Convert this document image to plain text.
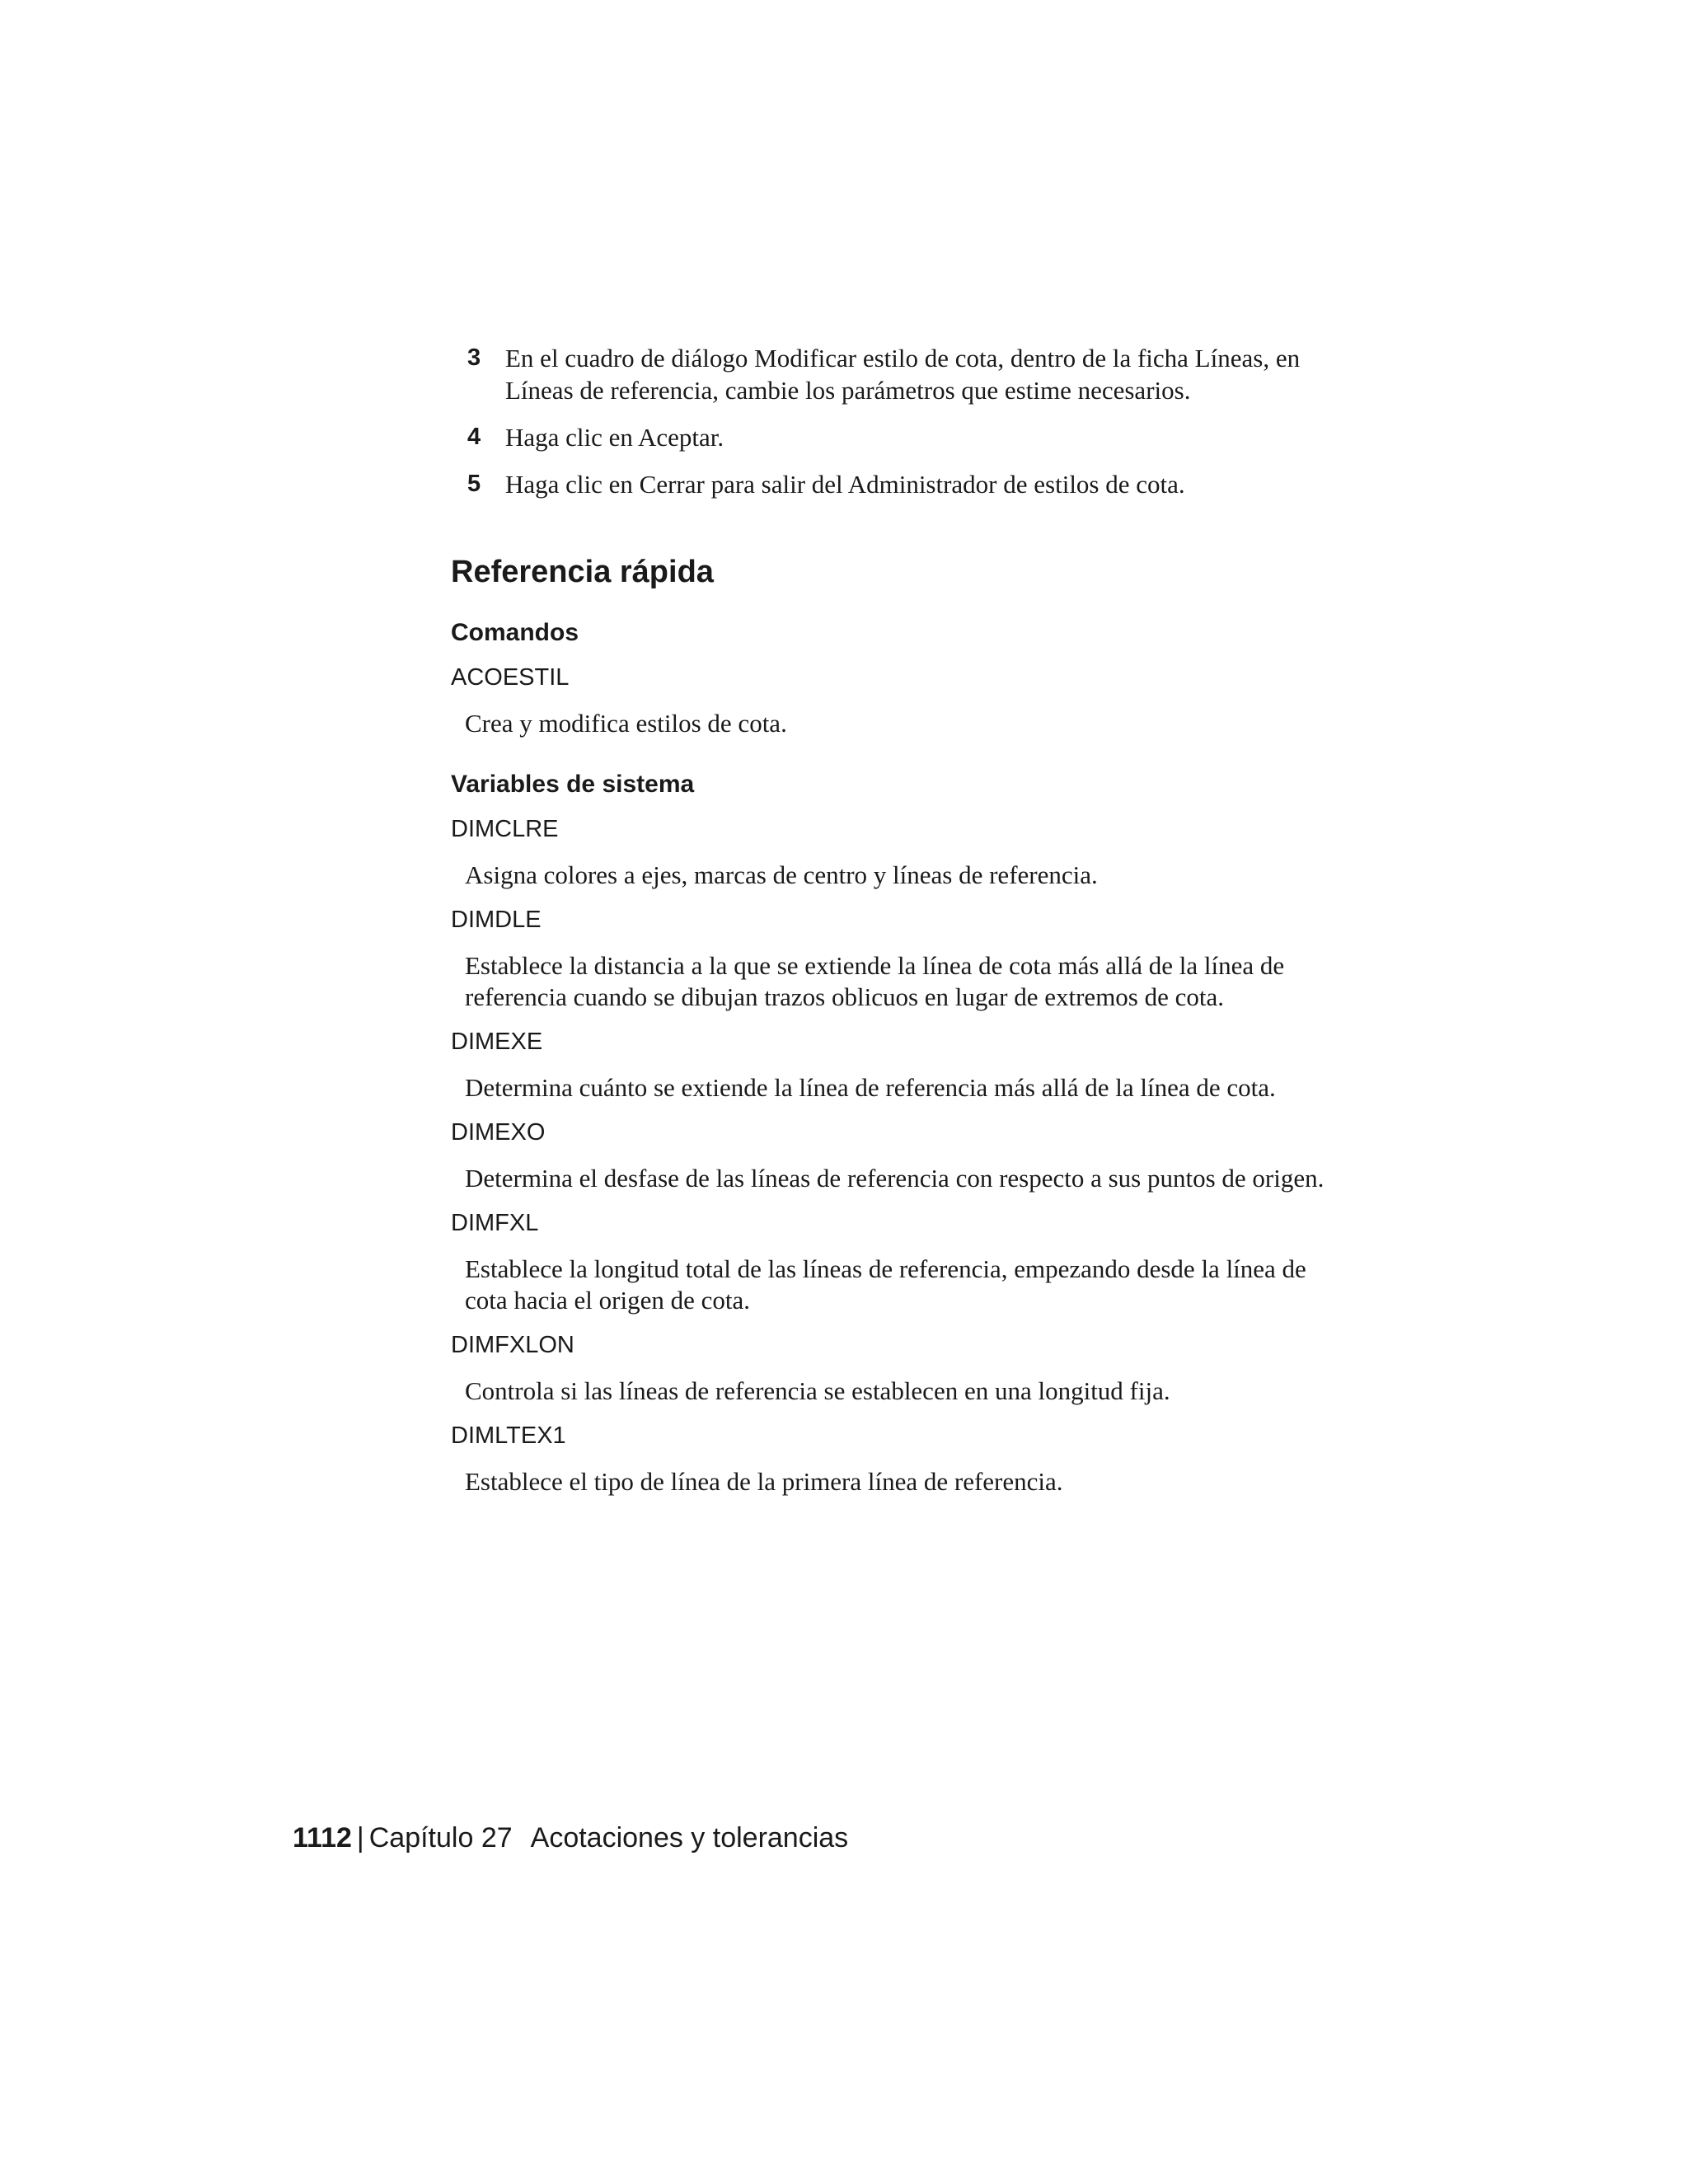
3 En el cuadro de diálogo Modificar estilo de cota, dentro de la ficha Líneas, en Líneas de referencia, cambie los parámetros que estime necesarios.
4 Haga clic en Aceptar.
5 Haga clic en Cerrar para salir del Administrador de estilos de cota.
Referencia rápida
Comandos
ACOESTIL
Crea y modifica estilos de cota.
Variables de sistema
DIMCLRE
Asigna colores a ejes, marcas de centro y líneas de referencia.
DIMDLE
Establece la distancia a la que se extiende la línea de cota más allá de la línea de referencia cuando se dibujan trazos oblicuos en lugar de extremos de cota.
DIMEXE
Determina cuánto se extiende la línea de referencia más allá de la línea de cota.
DIMEXO
Determina el desfase de las líneas de referencia con respecto a sus puntos de origen.
DIMFXL
Establece la longitud total de las líneas de referencia, empezando desde la línea de cota hacia el origen de cota.
DIMFXLON
Controla si las líneas de referencia se establecen en una longitud fija.
DIMLTEX1
Establece el tipo de línea de la primera línea de referencia.
1112 | Capítulo 27 Acotaciones y tolerancias
